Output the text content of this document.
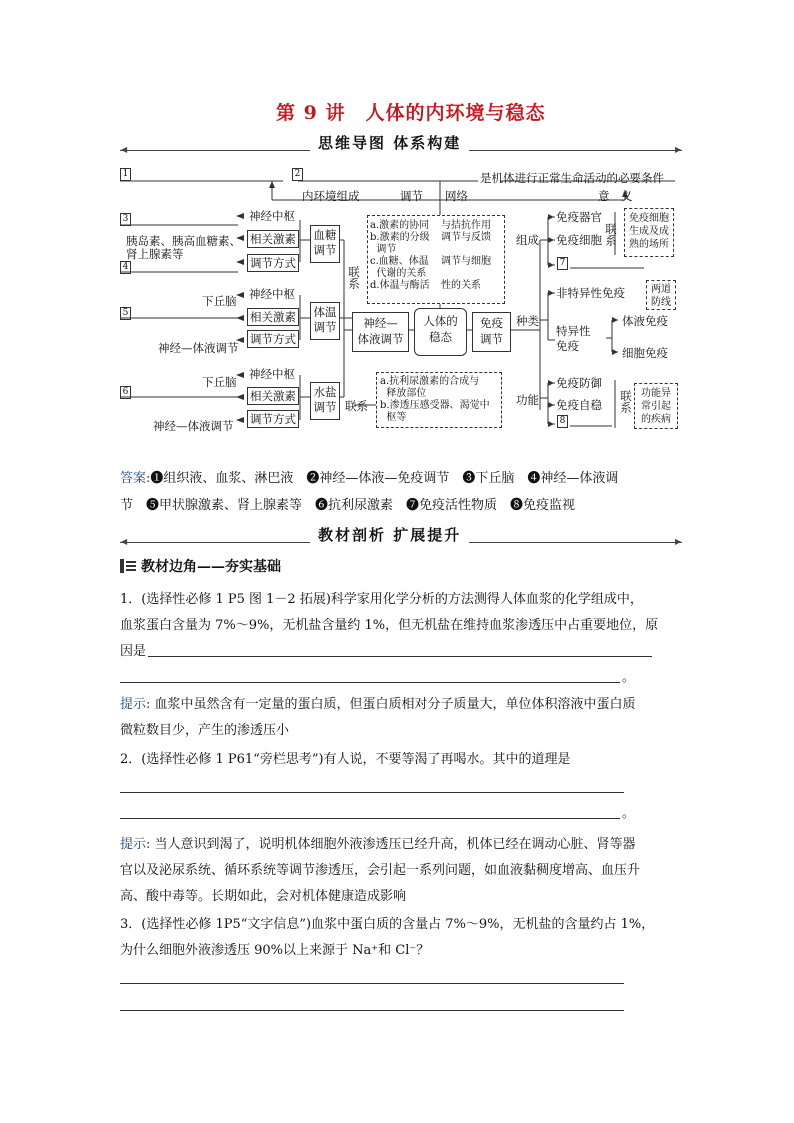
第 9 讲　人体的内环境与稳态
◀	▶
思维导图 体系构建
1	2
3
4
5
6
7
8
是机体进行正常生命活动的必要条件
内环境组成	调节 网络	意　义
神经中枢
相关激素
调节方式
胰岛素、胰高血糖素、
肾上腺素等
下丘脑 神经中枢
相关激素
调节方式
神经—体液调节
神经中枢
下丘脑
相关激素
调节方式
神经—体液调节
血糖
调节
体温
调节
水盐
调节
联系
联系
神经—
体液调节
人体的
稳态
免疫
调节
a.激素的协同
b.激素的分级
调节
c.血糖、体温
代谢的关系
d.体温与酶活
与拮抗作用
调节与反馈
调节与细胞
性的关系
a.抗利尿激素的合成与
释放部位
b.渗透压感受器、渴觉中
枢等
组成
种类
功能
免疫器官
免疫细胞 联系
免疫细胞
生成及成
熟的场所
非特异性免疫	两道
防线
特异性
免疫
体液免疫
细胞免疫
免疫防御
免疫自稳 联系 功能异
常引起
的疾病
答案:❶组织液、血浆、淋巴液　❷神经—体液—免疫调节　❸下丘脑　❹神经—体液调
节　❺甲状腺激素、肾上腺素等　❻抗利尿激素　❼免疫活性物质　❽免疫监视
◀	▶
教材剖析 扩展提升
教材边角——夯实基础
1．(选择性必修 1 P5 图 1－2 拓展)科学家用化学分析的方法测得人体血浆的化学组成中，
血浆蛋白含量为 7%～9%，无机盐含量约 1%，但无机盐在维持血浆渗透压中占重要地位，原
因是
。
提示: 血浆中虽然含有一定量的蛋白质，但蛋白质相对分子质量大，单位体积溶液中蛋白质
微粒数目少，产生的渗透压小
2．(选择性必修 1 P61“旁栏思考”)有人说，不要等渴了再喝水。其中的道理是
。
提示: 当人意识到渴了，说明机体细胞外液渗透压已经升高，机体已经在调动心脏、肾等器
官以及泌尿系统、循环系统等调节渗透压，会引起一系列问题，如血液黏稠度增高、血压升
高、酸中毒等。长期如此，会对机体健康造成影响
3．(选择性必修 1P5“文字信息”)血浆中蛋白质的含量占 7%～9%，无机盐的含量约占 1%，
为什么细胞外液渗透压 90%以上来源于 Na⁺和 Cl⁻？
